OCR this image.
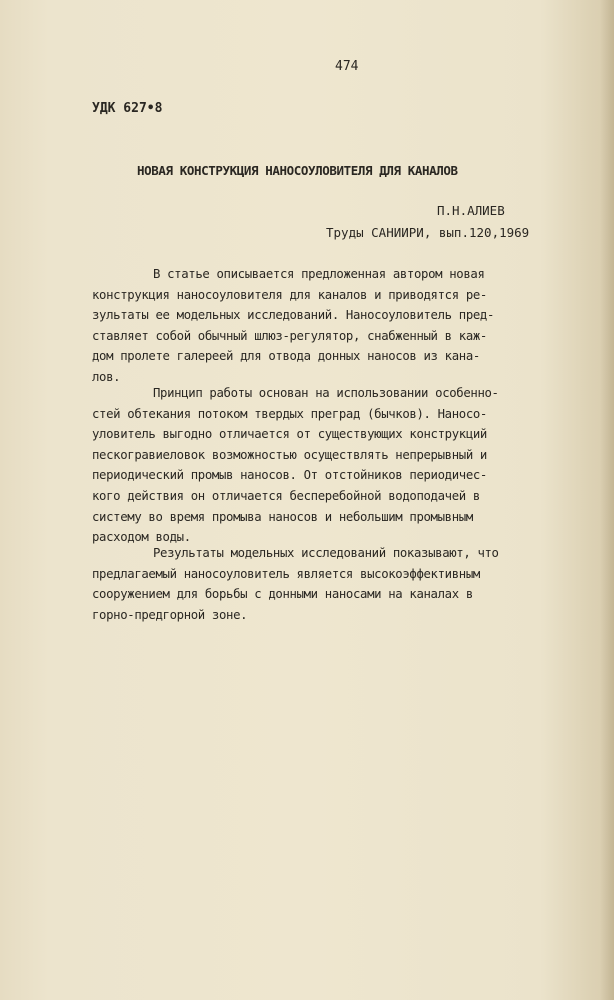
474
УДК 627•8
НОВАЯ КОНСТРУКЦИЯ НАНОСОУЛОВИТЕЛЯ ДЛЯ КАНАЛОВ
П.Н.АЛИЕВ
Труды САНИИРИ, вып.120,1969
В статье описывается предложенная автором новая
конструкция наносоуловителя для каналов и приводятся ре-
зультаты ее модельных исследований. Наносоуловитель пред-
ставляет собой обычный шлюз-регулятор, снабженный в каж-
дом пролете галереей для отвода донных наносов из кана-
лов.
Принцип работы основан на использовании особенно-
стей обтекания потоком твердых преград (бычков). Наносо-
уловитель выгодно отличается от существующих конструкций
пескогравиеловок возможностью осуществлять непрерывный и
периодический промыв наносов. От отстойников периодичес-
кого действия он отличается бесперебойной водоподачей в
систему во время промыва наносов и небольшим промывным
расходом воды.
Результаты модельных исследований показывают, что
предлагаемый наносоуловитель является высокоэффективным
сооружением для борьбы с донными наносами на каналах в
горно-предгорной зоне.
